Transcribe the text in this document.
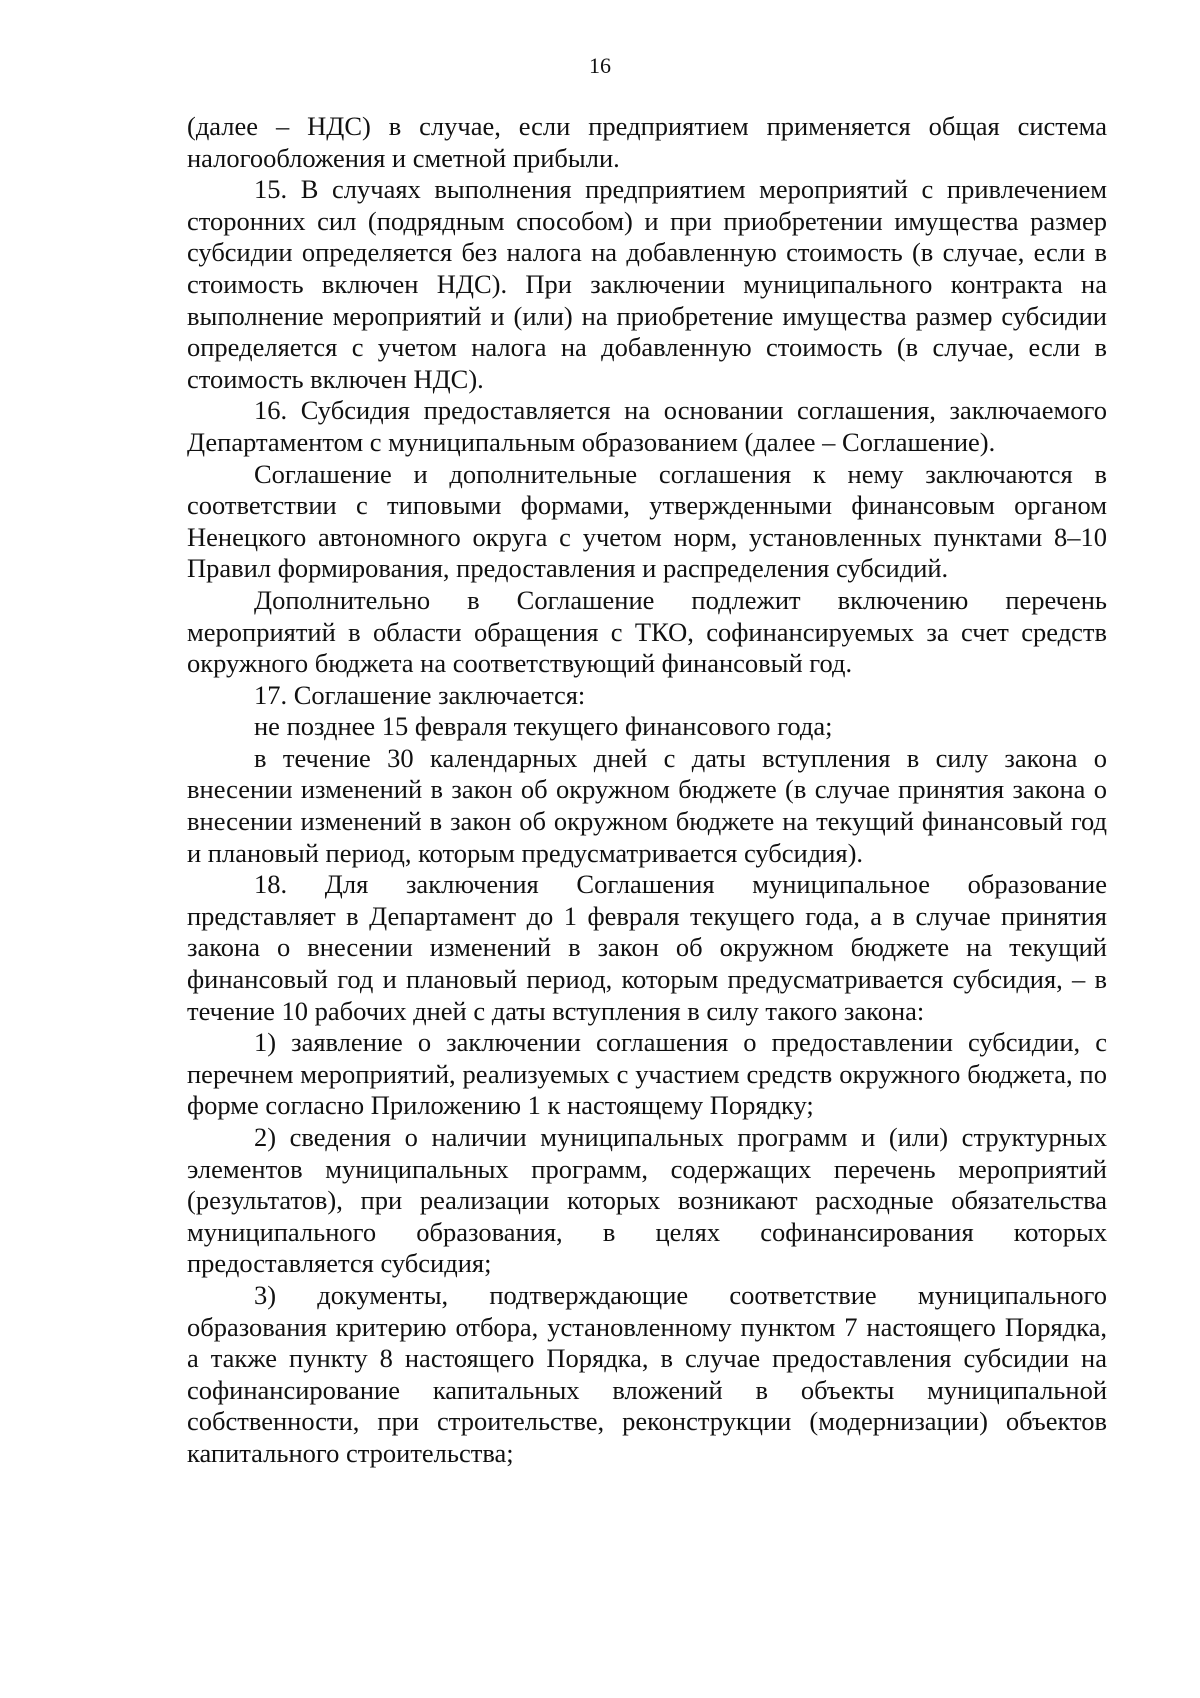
16

(далее – НДС) в случае, если предприятием применяется общая система налогообложения и сметной прибыли.

15. В случаях выполнения предприятием мероприятий с привлечением сторонних сил (подрядным способом) и при приобретении имущества размер субсидии определяется без налога на добавленную стоимость (в случае, если в стоимость включен НДС). При заключении муниципального контракта на выполнение мероприятий и (или) на приобретение имущества размер субсидии определяется с учетом налога на добавленную стоимость (в случае, если в стоимость включен НДС).

16. Субсидия предоставляется на основании соглашения, заключаемого Департаментом с муниципальным образованием (далее – Соглашение).

Соглашение и дополнительные соглашения к нему заключаются в соответствии с типовыми формами, утвержденными финансовым органом Ненецкого автономного округа с учетом норм, установленных пунктами 8–10 Правил формирования, предоставления и распределения субсидий.

Дополнительно в Соглашение подлежит включению перечень мероприятий в области обращения с ТКО, софинансируемых за счет средств окружного бюджета на соответствующий финансовый год.

17. Соглашение заключается:

не позднее 15 февраля текущего финансового года;

в течение 30 календарных дней с даты вступления в силу закона о внесении изменений в закон об окружном бюджете (в случае принятия закона о внесении изменений в закон об окружном бюджете на текущий финансовый год и плановый период, которым предусматривается субсидия).

18. Для заключения Соглашения муниципальное образование представляет в Департамент до 1 февраля текущего года, а в случае принятия закона о внесении изменений в закон об окружном бюджете на текущий финансовый год и плановый период, которым предусматривается субсидия, – в течение 10 рабочих дней с даты вступления в силу такого закона:

1) заявление о заключении соглашения о предоставлении субсидии, с перечнем мероприятий, реализуемых с участием средств окружного бюджета, по форме согласно Приложению 1 к настоящему Порядку;

2) сведения о наличии муниципальных программ и (или) структурных элементов муниципальных программ, содержащих перечень мероприятий (результатов), при реализации которых возникают расходные обязательства муниципального образования, в целях софинансирования которых предоставляется субсидия;

3) документы, подтверждающие соответствие муниципального образования критерию отбора, установленному пунктом 7 настоящего Порядка, а также пункту 8 настоящего Порядка, в случае предоставления субсидии на софинансирование капитальных вложений в объекты муниципальной собственности, при строительстве, реконструкции (модернизации) объектов капитального строительства;
